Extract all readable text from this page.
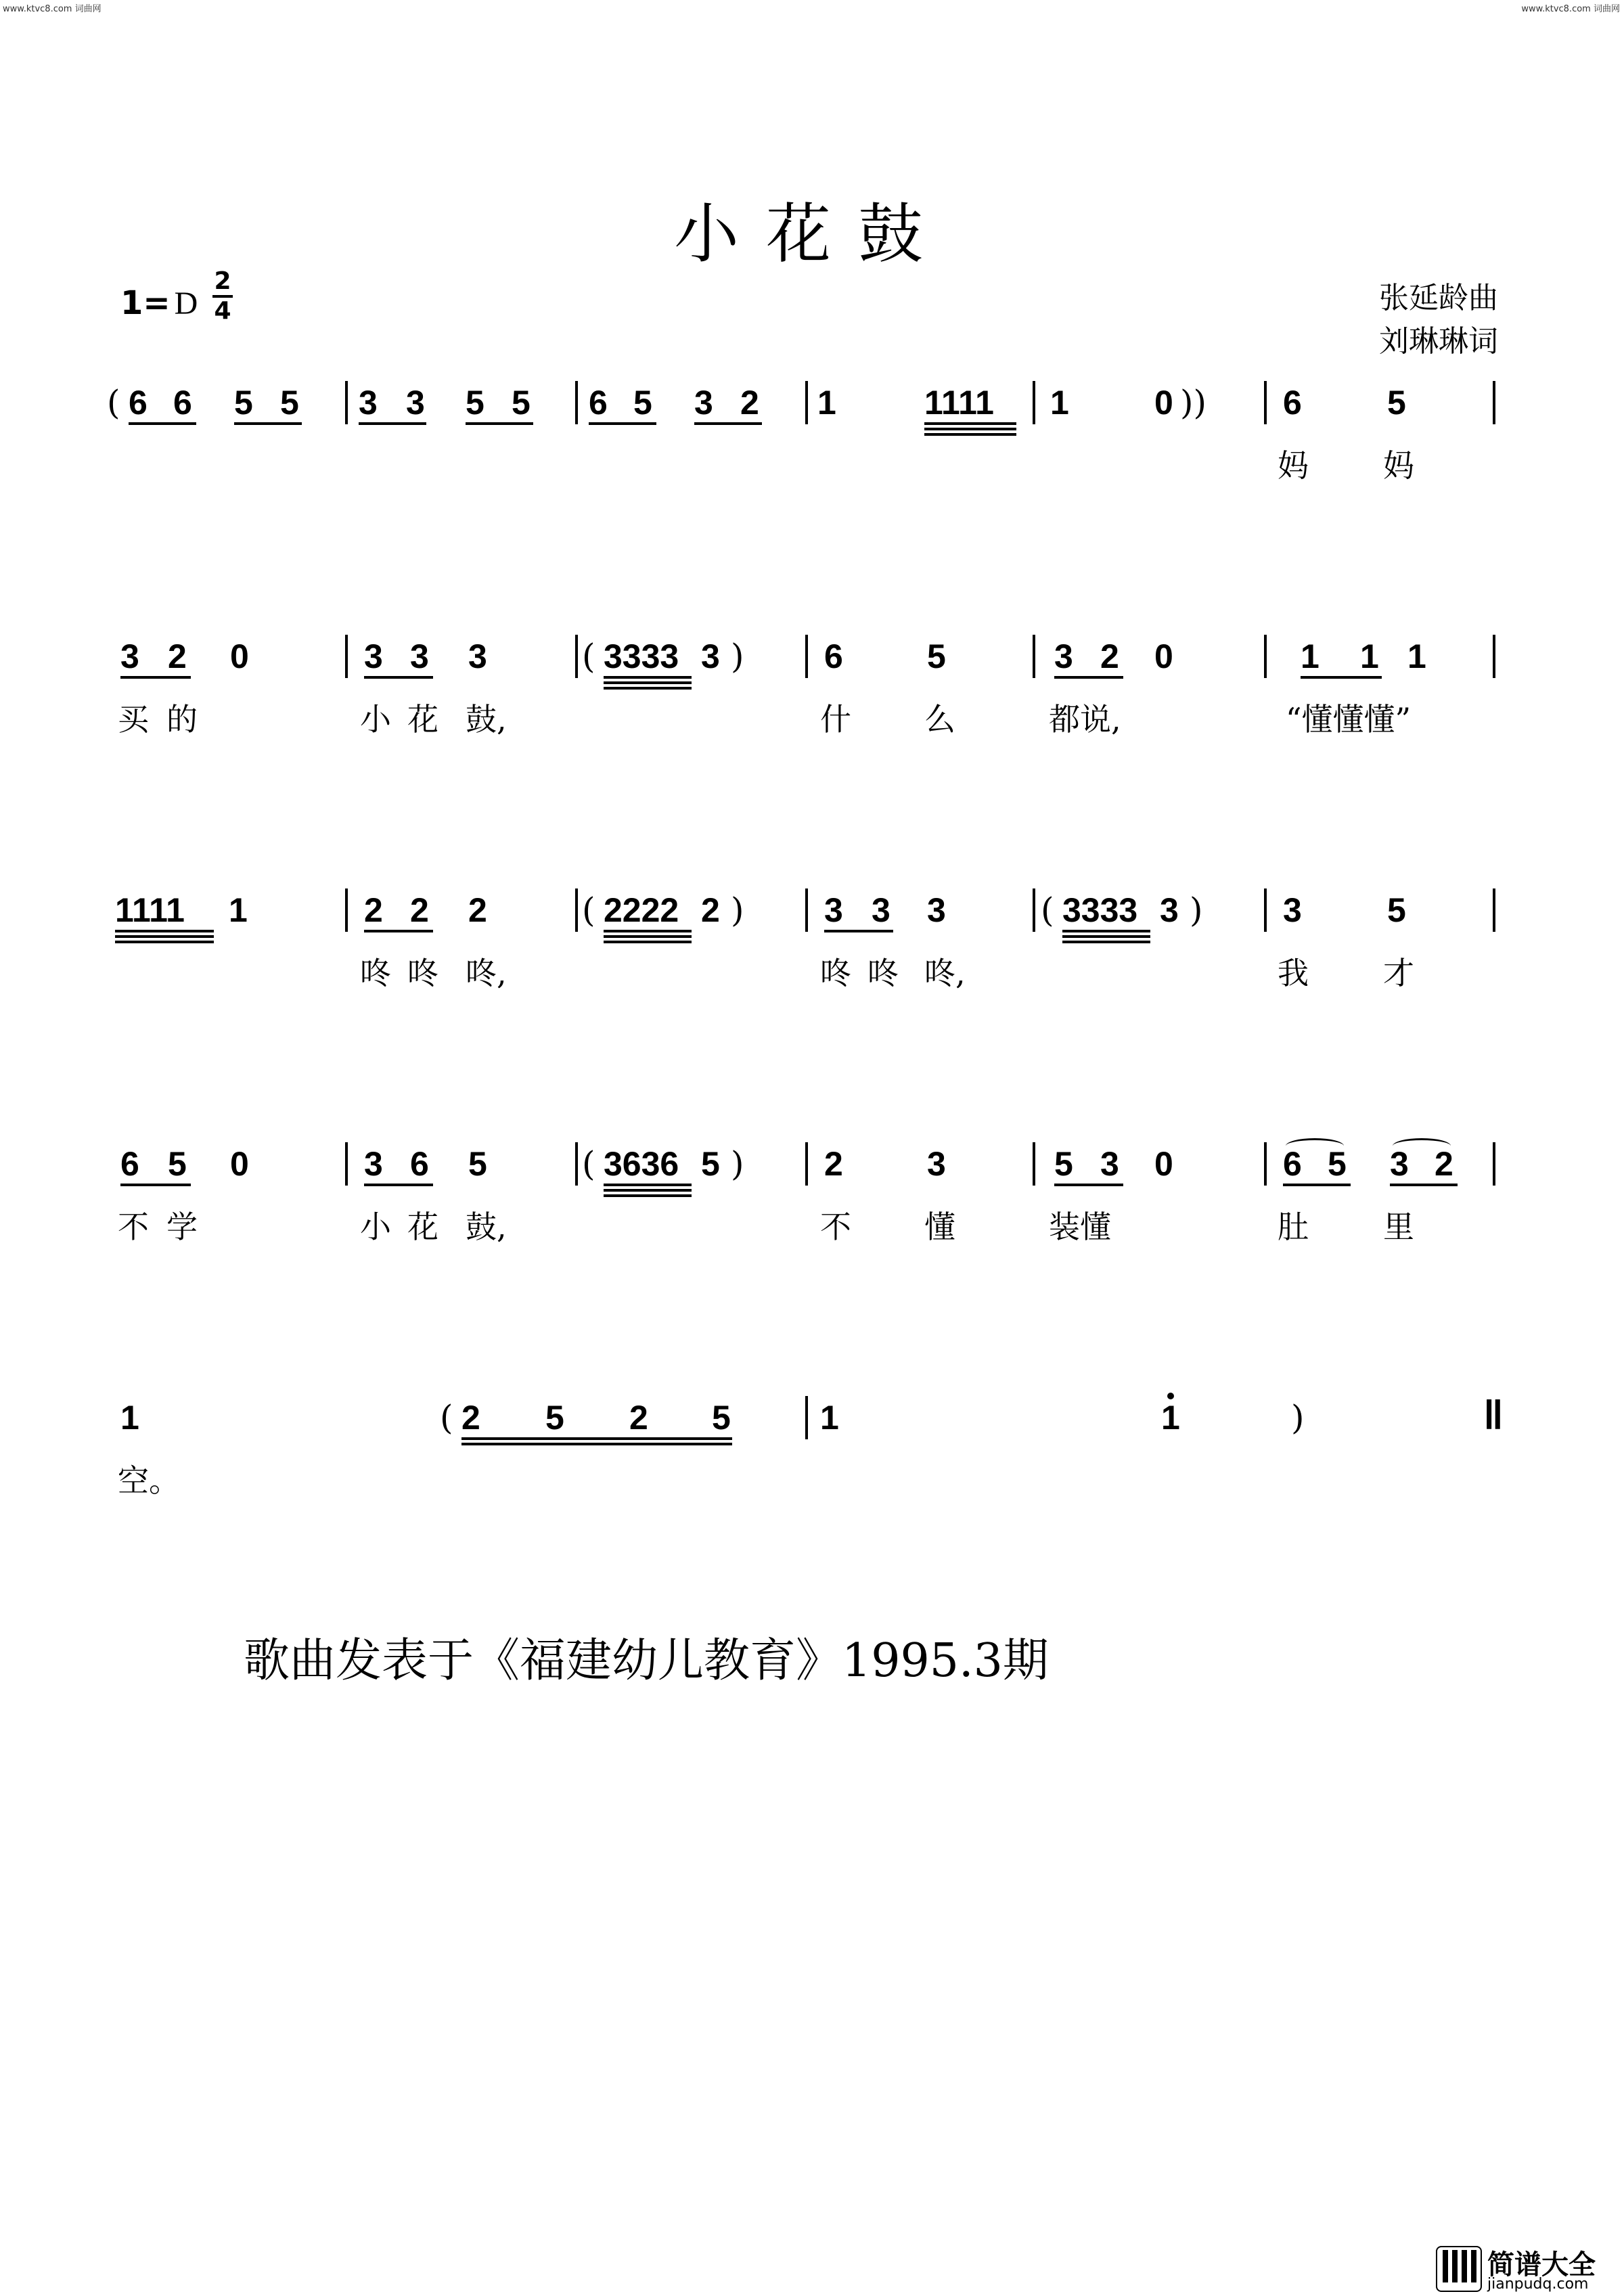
www.ktvc8.com 词曲网	www.ktvc8.com 词曲网
小花鼓
1= D
2
4	张延龄曲
刘琳琳词
( 6 6 5 5 3 3 5 5 6 5 3 2 1	1111 1	0 )) 6	5
妈 妈
3 2 0	3 3 3	( 3333 3 ) 6 5	3 2 0	1 1 1
买 的	小 花 鼓,	什 么	都说,	“懂懂懂”
1111 1	2 2 2	( 2222 2 ) 3 3 3	( 3333 3 ) 3	5
咚 咚 咚,	咚 咚 咚,	我 才
6 5 0	3 6 5	( 3636 5 ) 2 3	5 3 0	6 5 3 2
不 学	小 花 鼓,	不 懂	装懂	肚 里
1	( 2 5 2 5	1	1	)	‖
空。
歌曲发表于《福建幼儿教育》1995.3期
简谱大全
jianpudq.com
